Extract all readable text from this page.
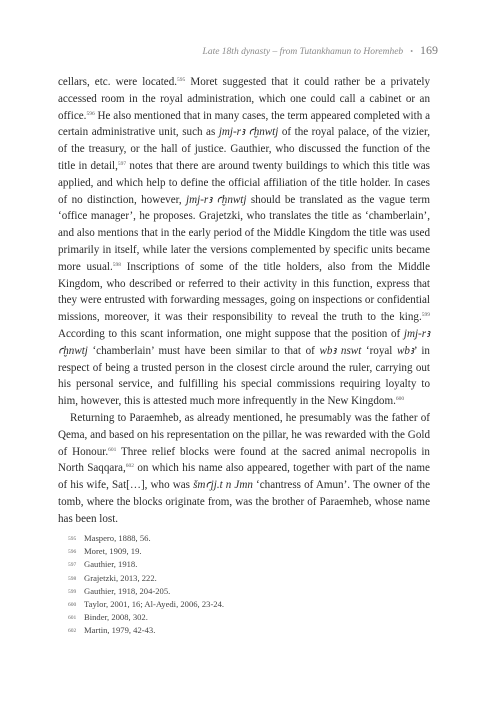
Late 18th dynasty – from Tutankhamun to Horemheb • 169

cellars, etc. were located.$^{595}$ Moret suggested that it could rather be a privately accessed room in the royal administration, which one could call a cabinet or an office.$^{596}$ He also mentioned that in many cases, the term appeared completed with a certain administrative unit, such as jmj-rꜣ ꜥḫnwtj of the royal palace, of the vizier, of the treasury, or the hall of justice. Gauthier, who discussed the function of the title in detail,$^{597}$ notes that there are around twenty buildings to which this title was applied, and which help to define the official affiliation of the title holder. In cases of no distinction, however, jmj-rꜣ ꜥḫnwtj should be translated as the vague term ‘office manager’, he proposes. Grajetzki, who translates the title as ‘chamberlain’, and also mentions that in the early period of the Middle Kingdom the title was used primarily in itself, while later the versions complemented by specific units became more usual.$^{598}$ Inscriptions of some of the title holders, also from the Middle Kingdom, who described or referred to their activity in this function, express that they were entrusted with forwarding messages, going on inspections or confidential missions, moreover, it was their responsibility to reveal the truth to the king.$^{599}$ According to this scant information, one might suppose that the position of jmj-rꜣ ꜥḫnwtj ‘chamberlain’ must have been similar to that of wbꜣ nswt ‘royal wbꜣ’ in respect of being a trusted person in the closest circle around the ruler, carrying out his personal service, and fulfilling his special commissions requiring loyalty to him, however, this is attested much more infrequently in the New Kingdom.$^{600}$

Returning to Paraemheb, as already mentioned, he presumably was the father of Qema, and based on his representation on the pillar, he was rewarded with the Gold of Honour.$^{601}$ Three relief blocks were found at the sacred animal necropolis in North Saqqara,$^{602}$ on which his name also appeared, together with part of the name of his wife, Sat[…], who was šmꜥjj.t n Jmn ‘chantress of Amun’. The owner of the tomb, where the blocks originate from, was the brother of Paraemheb, whose name has been lost.

595 Maspero, 1888, 56.
596 Moret, 1909, 19.
597 Gauthier, 1918.
598 Grajetzki, 2013, 222.
599 Gauthier, 1918, 204-205.
600 Taylor, 2001, 16; Al-Ayedi, 2006, 23-24.
601 Binder, 2008, 302.
602 Martin, 1979, 42-43.
